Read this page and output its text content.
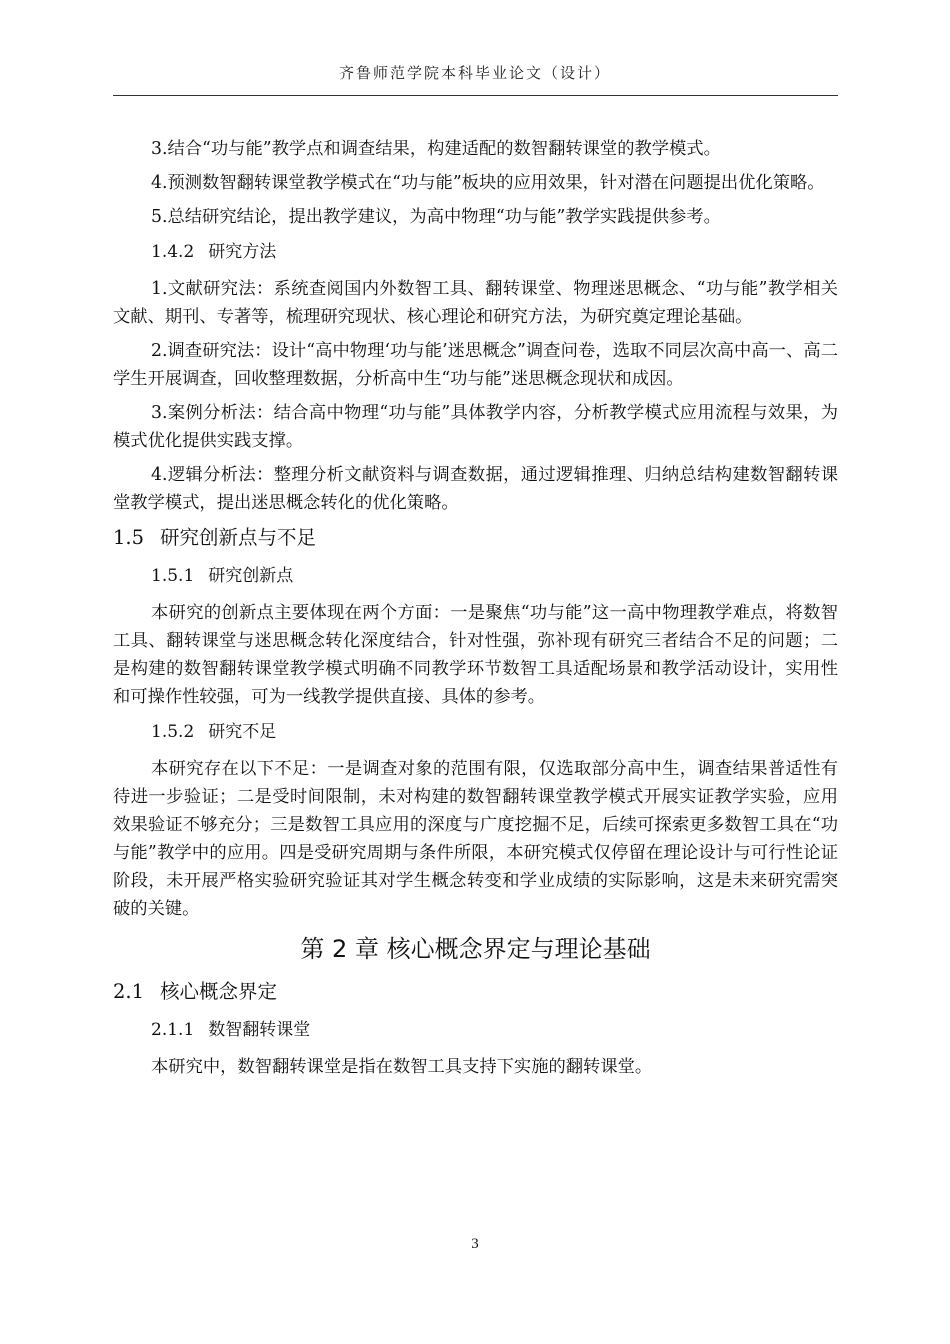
齐鲁师范学院本科毕业论文（设计）

3.结合“功与能”教学点和调查结果，构建适配的数智翻转课堂的教学模式。

4.预测数智翻转课堂教学模式在“功与能”板块的应用效果，针对潜在问题提出优化策略。

5.总结研究结论，提出教学建议，为高中物理“功与能”教学实践提供参考。

1.4.2 研究方法

1.文献研究法：系统查阅国内外数智工具、翻转课堂、物理迷思概念、“功与能”教学相关文献、期刊、专著等，梳理研究现状、核心理论和研究方法，为研究奠定理论基础。

2.调查研究法：设计“高中物理‘功与能’迷思概念”调查问卷，选取不同层次高中高一、高二学生开展调查，回收整理数据，分析高中生“功与能”迷思概念现状和成因。

3.案例分析法：结合高中物理“功与能”具体教学内容，分析教学模式应用流程与效果，为模式优化提供实践支撑。

4.逻辑分析法：整理分析文献资料与调查数据，通过逻辑推理、归纳总结构建数智翻转课堂教学模式，提出迷思概念转化的优化策略。

1.5 研究创新点与不足
1.5.1 研究创新点

本研究的创新点主要体现在两个方面：一是聚焦“功与能”这一高中物理教学难点，将数智工具、翻转课堂与迷思概念转化深度结合，针对性强，弥补现有研究三者结合不足的问题；二是构建的数智翻转课堂教学模式明确不同教学环节数智工具适配场景和教学活动设计，实用性和可操作性较强，可为一线教学提供直接、具体的参考。

1.5.2 研究不足

本研究存在以下不足：一是调查对象的范围有限，仅选取部分高中生，调查结果普适性有待进一步验证；二是受时间限制，未对构建的数智翻转课堂教学模式开展实证教学实验，应用效果验证不够充分；三是数智工具应用的深度与广度挖掘不足，后续可探索更多数智工具在“功与能”教学中的应用。四是受研究周期与条件所限，本研究模式仅停留在理论设计与可行性论证阶段，未开展严格实验研究验证其对学生概念转变和学业成绩的实际影响，这是未来研究需突破的关键。

第 2 章 核心概念界定与理论基础
2.1 核心概念界定
2.1.1 数智翻转课堂

本研究中，数智翻转课堂是指在数智工具支持下实施的翻转课堂。

3
